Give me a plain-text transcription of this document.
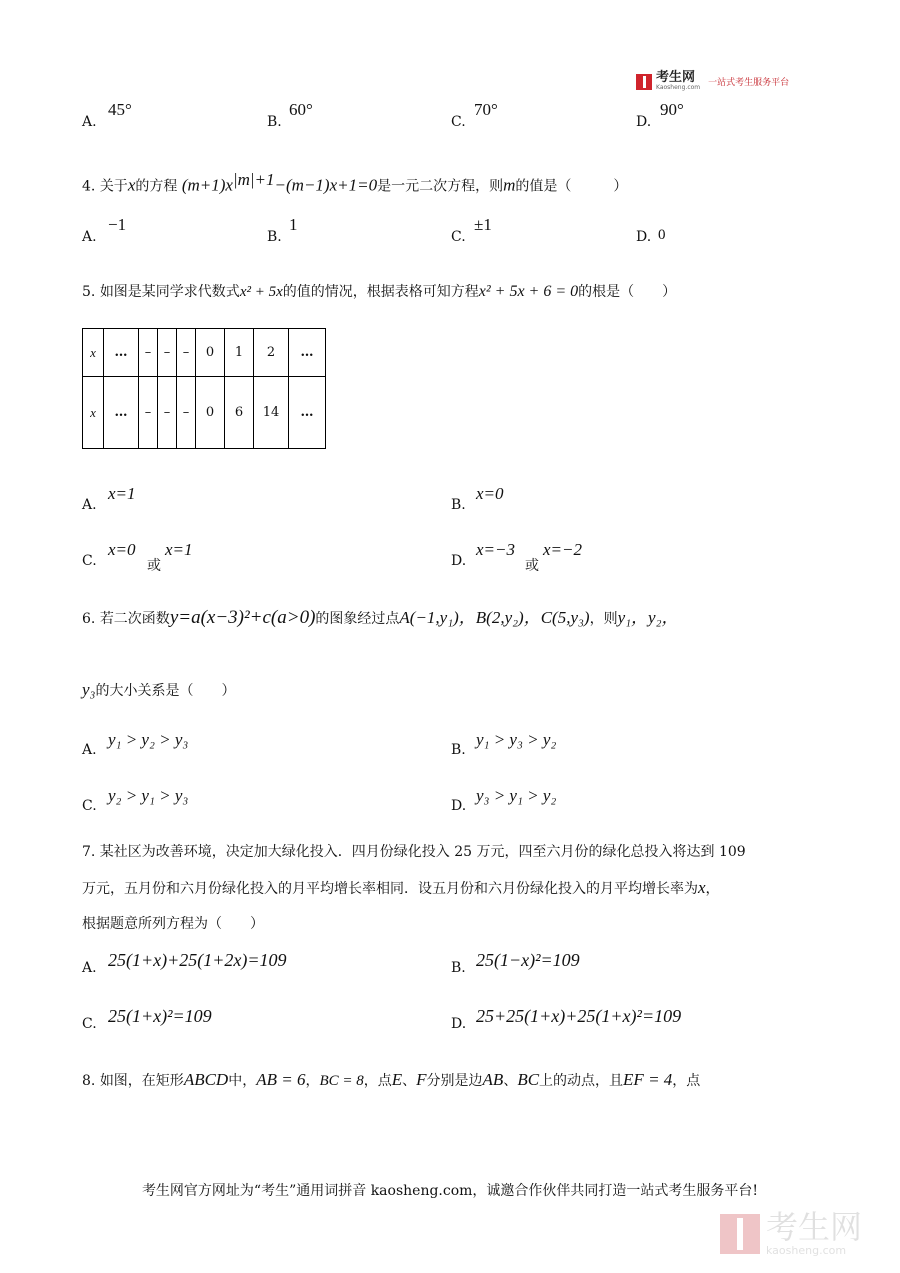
考生网
Kaosheng.com 一站式考生服务平台
A.
45°
B.
60°
C.
70°
D.
90°
4. 关于x的方程 $(m+1)x^{|m|+1}-(m-1)x+1=0$是一元二次方程，则m的值是（　　　）
A.
−1
B.
1
C.
±1
D. 0
5. 如图是某同学求代数式x² + 5x的值的情况，根据表格可知方程x² + 5x + 6 = 0的根是（　　）
x	…	–	–	–	0	1	2	…
x	…	–	–	–	0	6	14	…
A.
x=1
B.
x=0
C.
x=0
或
x=1
D.
x=−3
或
x=−2
6. 若二次函数y=a(x−3)²+c(a>0)的图象经过点A(−1,y₁)，B(2,y₂)，C(5,y₃)，则y₁，y₂，
y₃的大小关系是（　　）
A.
y₁ > y₂ > y₃
B.
y₁ > y₃ > y₂
C.
y₂ > y₁ > y₃
D.
y₃ > y₁ > y₂
7. 某社区为改善环境，决定加大绿化投入．四月份绿化投入 25 万元，四至六月份的绿化总投入将达到 109
万元，五月份和六月份绿化投入的月平均增长率相同．设五月份和六月份绿化投入的月平均增长率为x，
根据题意所列方程为（　　）
A. 25(1+x)+25(1+2x)=109	B. 25(1−x)²=109
C. 25(1+x)²=109	D. 25+25(1+x)+25(1+x)²=109
8. 如图，在矩形ABCD中，AB = 6，BC = 8，点E、F分别是边AB、BC上的动点，且EF = 4，点
考生网官方网址为“考生”通用词拼音 kaosheng.com，诚邀合作伙伴共同打造一站式考生服务平台!
考生网
kaosheng.com
